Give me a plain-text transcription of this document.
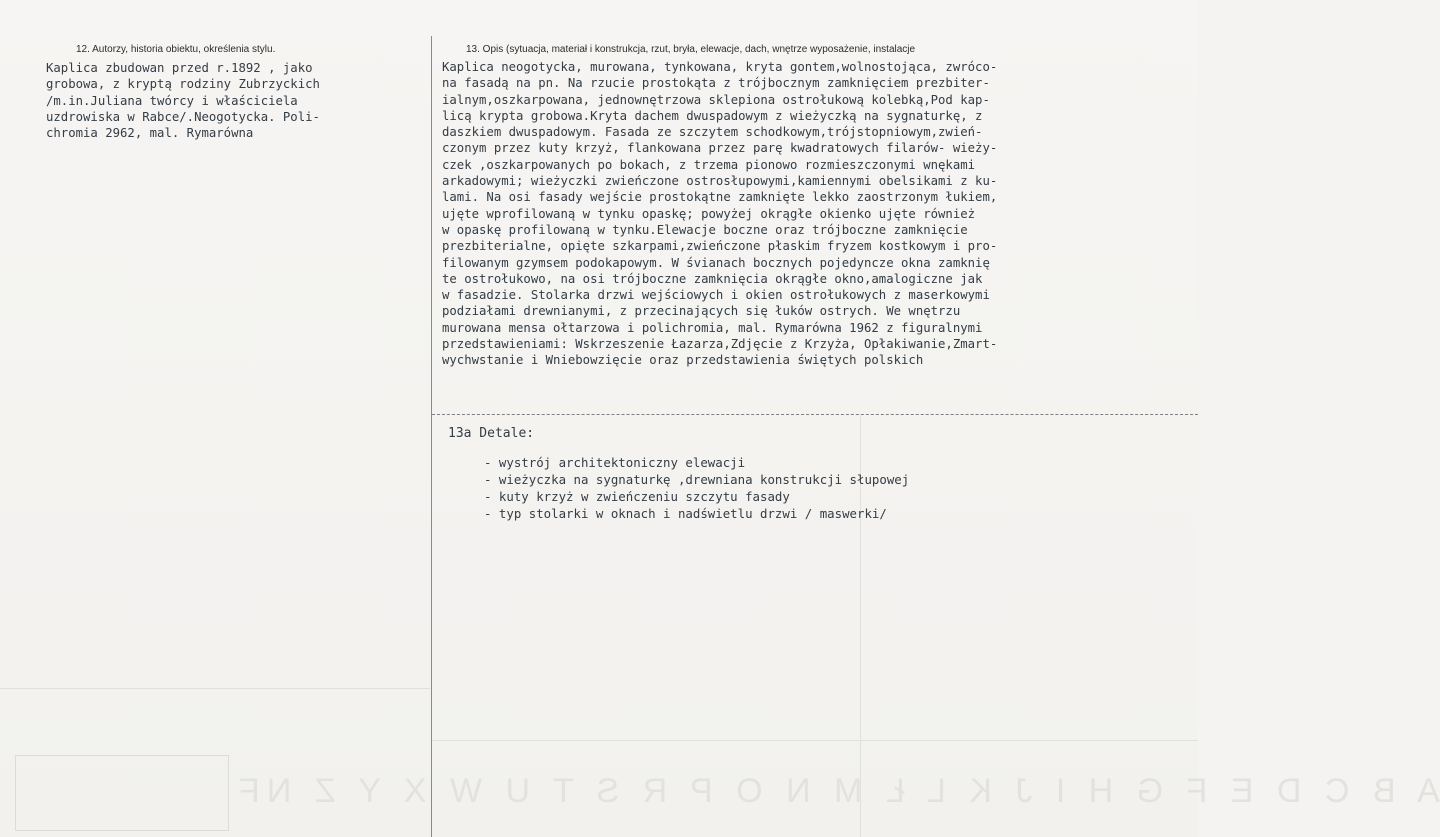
A B C D E F G H I J K L Ł M N O P R S T U W X Y Z NF
12. Autorzy, historia obiektu, określenia stylu.	13. Opis (sytuacja, materiał i konstrukcja, rzut, bryła, elewacje, dach, wnętrze wyposażenie, instalacje
Kaplica zbudowan przed r.1892 , jako
grobowa, z kryptą rodziny Zubrzyckich
/m.in.Juliana twórcy i właściciela
uzdrowiska w Rabce/.Neogotycka. Poli-
chromia 2962, mal. Rymarówna
Kaplica neogotycka, murowana, tynkowana, kryta gontem,wolnostojąca, zwróco-
na fasadą na pn. Na rzucie prostokąta z trójbocznym zamknięciem prezbiter-
ialnym,oszkarpowana, jednownętrzowa sklepiona ostrołukową kolebką,Pod kap-
licą krypta grobowa.Kryta dachem dwuspadowym z wieżyczką na sygnaturkę, z
daszkiem dwuspadowym. Fasada ze szczytem schodkowym,trójstopniowym,zwień-
czonym przez kuty krzyż, flankowana przez parę kwadratowych filarów- wieży-
czek ,oszkarpowanych po bokach, z trzema pionowo rozmieszczonymi wnękami
arkadowymi; wieżyczki zwieńczone ostrosłupowymi,kamiennymi obelsikami z ku-
lami. Na osi fasady wejście prostokątne zamknięte lekko zaostrzonym łukiem,
ujęte wprofilowaną w tynku opaskę; powyżej okrągłe okienko ujęte również
w opaskę profilowaną w tynku.Elewacje boczne oraz trójboczne zamknięcie
prezbiterialne, opięte szkarpami,zwieńczone płaskim fryzem kostkowym i pro-
filowanym gzymsem podokapowym. W śvianach bocznych pojedyncze okna zamknię
te ostrołukowo, na osi trójboczne zamknięcia okrągłe okno,amalogiczne jak
w fasadzie. Stolarka drzwi wejściowych i okien ostrołukowych z maserkowymi
podziałami drewnianymi, z przecinających się łuków ostrych. We wnętrzu
murowana mensa ołtarzowa i polichromia, mal. Rymarówna 1962 z figuralnymi
przedstawieniami: Wskrzeszenie Łazarza,Zdjęcie z Krzyża, Opłakiwanie,Zmart-
wychwstanie i Wniebowzięcie oraz przedstawienia świętych polskich
13a Detale:
- wystrój architektoniczny elewacji
- wieżyczka na sygnaturkę ,drewniana konstrukcji słupowej
- kuty krzyż w zwieńczeniu szczytu fasady
- typ stolarki w oknach i nadświetlu drzwi / maswerki/
